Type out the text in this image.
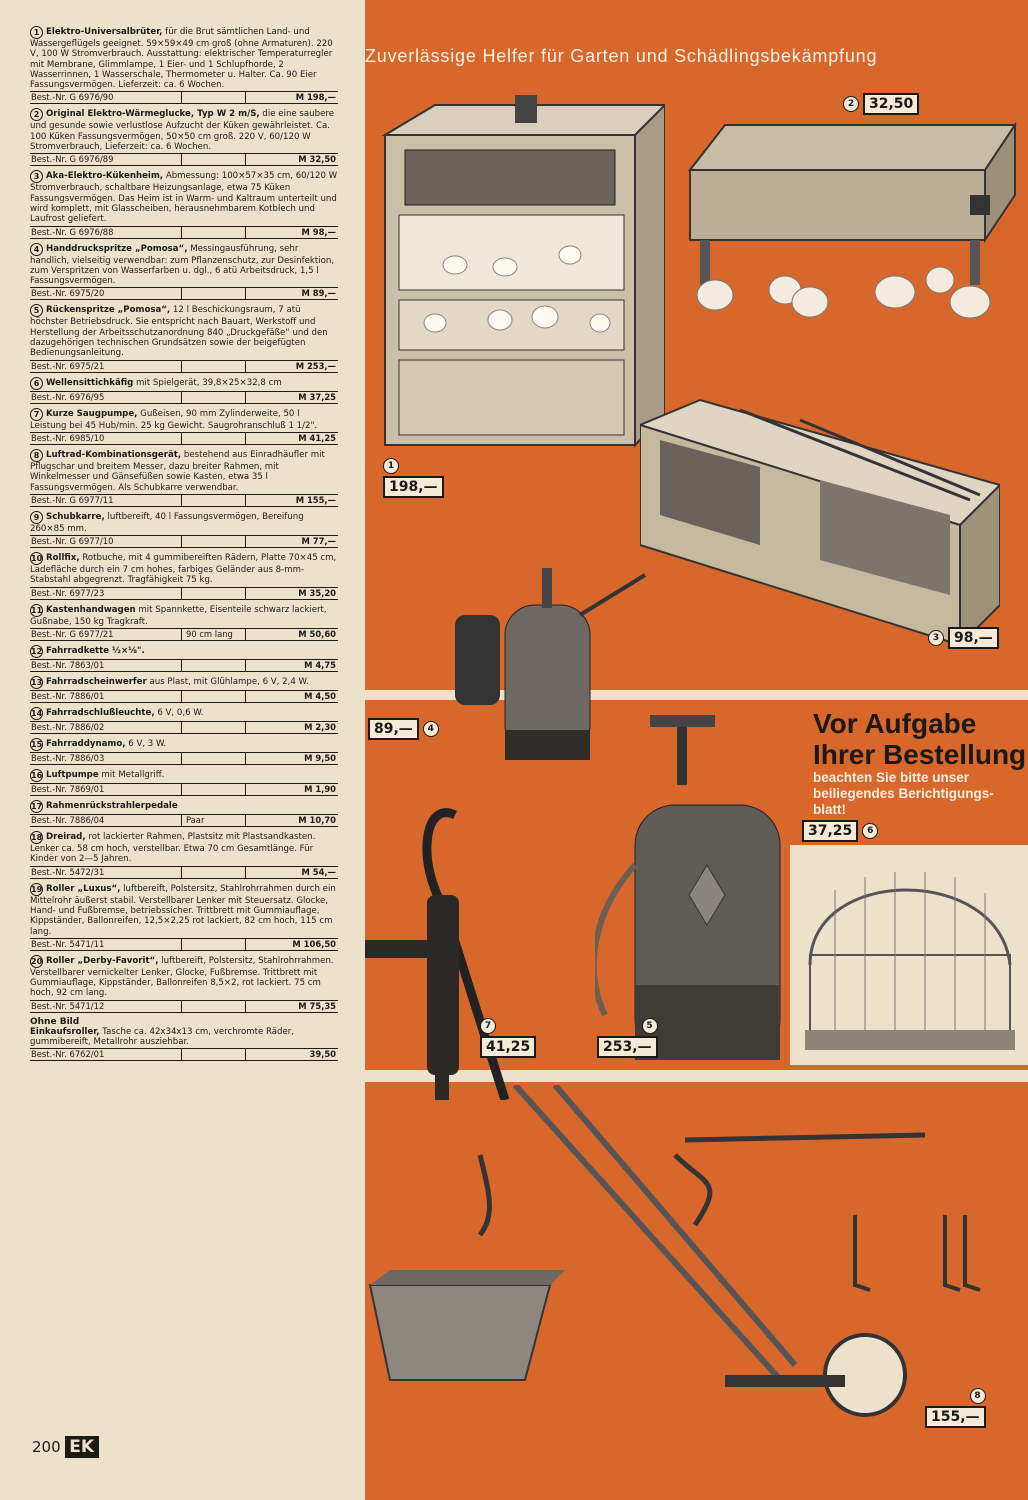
1 Elektro-Universalbrüter, für die Brut sämtlichen Land- und Wassergeflügels geeignet. 59×59×49 cm groß (ohne Armaturen). 220 V, 100 W Stromverbrauch. Ausstattung: elektrischer Temperaturregler mit Membrane, Glimmlampe, 1 Eier- und 1 Schlupfhorde, 2 Wasserrinnen, 1 Wasserschale, Thermometer u. Halter. Ca. 90 Eier Fassungsvermögen. Lieferzeit: ca. 6 Wochen.
Best.-Nr. G 6976/90	M 198,—
2 Original Elektro-Wärmeglucke, Typ W 2 m/S, die eine saubere und gesunde sowie verlustlose Aufzucht der Küken gewährleistet. Ca. 100 Küken Fassungsvermögen, 50×50 cm groß. 220 V, 60/120 W Stromverbrauch, Lieferzeit: ca. 6 Wochen.
Best.-Nr. G 6976/89	M 32,50
3 Aka-Elektro-Kükenheim, Abmessung: 100×57×35 cm, 60/120 W Stromverbrauch, schaltbare Heizungsanlage, etwa 75 Küken Fassungsvermögen. Das Heim ist in Warm- und Kaltraum unterteilt und wird komplett, mit Glasscheiben, herausnehmbarem Kotblech und Laufrost geliefert.
Best.-Nr. G 6976/88	M 98,—
4 Handdruckspritze „Pomosa“, Messingausführung, sehr handlich, vielseitig verwendbar: zum Pflanzenschutz, zur Desinfektion, zum Verspritzen von Wasserfarben u. dgl., 6 atü Arbeitsdruck, 1,5 l Fassungsvermögen.
Best.-Nr. 6975/20	M 89,—
5 Rückenspritze „Pomosa“, 12 l Beschickungsraum, 7 atü höchster Betriebsdruck. Sie entspricht nach Bauart, Werkstoff und Herstellung der Arbeitsschutzanordnung 840 „Druckgefäße“ und den dazugehörigen technischen Grundsätzen sowie der beigefügten Bedienungsanleitung.
Best.-Nr. 6975/21	M 253,—
6 Wellensittichkäfig mit Spielgerät, 39,8×25×32,8 cm
Best.-Nr. 6976/95	M 37,25
7 Kurze Saugpumpe, Gußeisen, 90 mm Zylinderweite, 50 l Leistung bei 45 Hub/min. 25 kg Gewicht. Saugrohranschluß 1 1/2".
Best.-Nr. 6985/10	M 41,25
8 Luftrad-Kombinationsgerät, bestehend aus Einradhäufler mit Pflugschar und breitem Messer, dazu breiter Rahmen, mit Winkelmesser und Gänsefüßen sowie Kasten, etwa 35 l Fassungsvermögen. Als Schubkarre verwendbar.
Best.-Nr. G 6977/11	M 155,—
9 Schubkarre, luftbereift, 40 l Fassungsvermögen, Bereifung 260×85 mm.
Best.-Nr. G 6977/10	M 77,—
10 Rollfix, Rotbuche, mit 4 gummibereiften Rädern, Platte 70×45 cm, Ladefläche durch ein 7 cm hohes, farbiges Geländer aus 8-mm-Stabstahl abgegrenzt. Tragfähigkeit 75 kg.
Best.-Nr. 6977/23	M 35,20
11 Kastenhandwagen mit Spannkette, Eisenteile schwarz lackiert, Gußnabe, 150 kg Tragkraft.
Best.-Nr. G 6977/21	90 cm lang	M 50,60
12 Fahrradkette ½×⅛".
Best.-Nr. 7863/01	M 4,75
13 Fahrradscheinwerfer aus Plast, mit Glühlampe, 6 V, 2,4 W.
Best.-Nr. 7886/01	M 4,50
14 Fahrradschlußleuchte, 6 V, 0,6 W.
Best.-Nr. 7886/02	M 2,30
15 Fahrraddynamo, 6 V, 3 W.
Best.-Nr. 7886/03	M 9,50
16 Luftpumpe mit Metallgriff.
Best.-Nr. 7869/01	M 1,90
17 Rahmenrückstrahlerpedale
Best.-Nr. 7886/04	Paar	M 10,70
18 Dreirad, rot lackierter Rahmen, Plastsitz mit Plastsandkasten. Lenker ca. 58 cm hoch, verstellbar. Etwa 70 cm Gesamtlänge. Für Kinder von 2—5 Jahren.
Best.-Nr. 5472/31	M 54,—
19 Roller „Luxus“, luftbereift, Polstersitz, Stahlrohrrahmen durch ein Mittelrohr äußerst stabil. Verstellbarer Lenker mit Steuersatz. Glocke, Hand- und Fußbremse, betriebssicher. Trittbrett mit Gummiauflage, Kippständer, Ballonreifen, 12,5×2,25 rot lackiert, 82 cm hoch, 115 cm lang.
Best.-Nr. 5471/11	M 106,50
20 Roller „Derby-Favorit“, luftbereift, Polstersitz, Stahlrohrrahmen. Verstellbarer vernickelter Lenker, Glocke, Fußbremse. Trittbrett mit Gummiauflage, Kippständer, Ballonreifen 8,5×2, rot lackiert. 75 cm hoch, 92 cm lang.
Best.-Nr. 5471/12	M 75,35
Ohne Bild
Einkaufsroller, Tasche ca. 42x34x13 cm, verchromte Räder, gummibereift, Metallrohr ausziehbar.
Best.-Nr. 6762/01	39,50
200 EK
Zuverlässige Helfer für Garten und Schädlingsbekämpfung
1
198,—
2	32,50
3	98,—
89,—	4	Vor Aufgabe
Ihrer Bestellung
beachten Sie bitte unser
beiliegendes Berichtigungs-
blatt!
7
41,25
5
253,—
37,25	6
8
155,—
